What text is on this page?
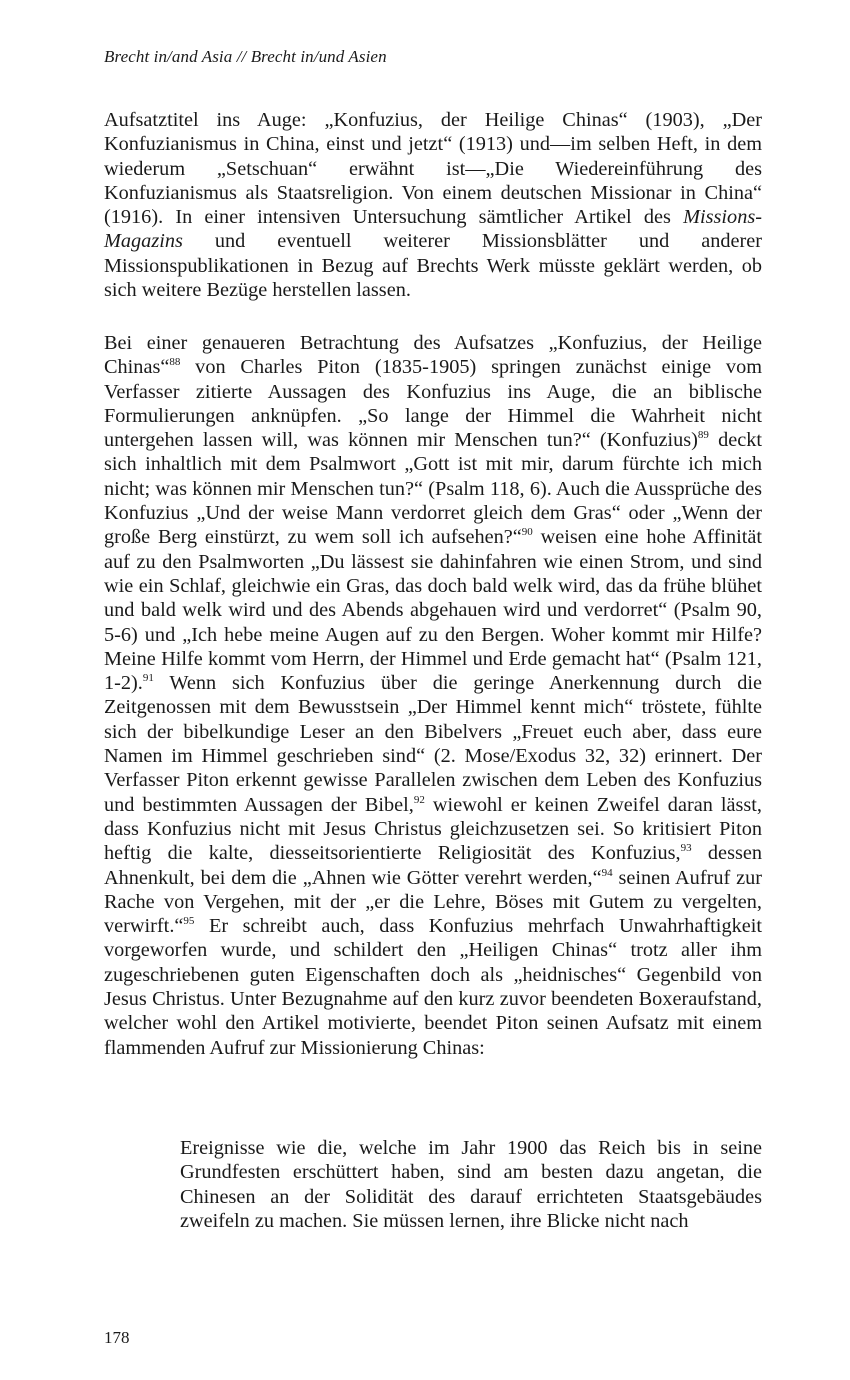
Brecht in/and Asia // Brecht in/und Asien

Aufsatztitel ins Auge: „Konfuzius, der Heilige Chinas“ (1903), „Der Konfuzianismus in China, einst und jetzt“ (1913) und—im selben Heft, in dem wiederum „Setschuan“ erwähnt ist—„Die Wiedereinführung des Konfuzianismus als Staatsreligion. Von einem deutschen Missionar in China“ (1916). In einer intensiven Untersuchung sämtlicher Artikel des Missions-Magazins und eventuell weiterer Missionsblätter und anderer Missionspublikationen in Bezug auf Brechts Werk müsste geklärt werden, ob sich weitere Bezüge herstellen lassen.

Bei einer genaueren Betrachtung des Aufsatzes „Konfuzius, der Heilige Chinas“$^{88}$ von Charles Piton (1835-1905) springen zunächst einige vom Verfasser zitierte Aussagen des Konfuzius ins Auge, die an biblische Formulierungen anknüpfen. „So lange der Himmel die Wahrheit nicht untergehen lassen will, was können mir Menschen tun?“ (Konfuzius)$^{89}$ deckt sich inhaltlich mit dem Psalmwort „Gott ist mit mir, darum fürchte ich mich nicht; was können mir Menschen tun?“ (Psalm 118, 6). Auch die Aussprüche des Konfuzius „Und der weise Mann verdorret gleich dem Gras“ oder „Wenn der große Berg einstürzt, zu wem soll ich aufsehen?“$^{90}$ weisen eine hohe Affinität auf zu den Psalmworten „Du lässest sie dahinfahren wie einen Strom, und sind wie ein Schlaf, gleichwie ein Gras, das doch bald welk wird, das da frühe blühet und bald welk wird und des Abends abgehauen wird und verdorret“ (Psalm 90, 5-6) und „Ich hebe meine Augen auf zu den Bergen. Woher kommt mir Hilfe? Meine Hilfe kommt vom Herrn, der Himmel und Erde gemacht hat“ (Psalm 121, 1-2).$^{91}$ Wenn sich Konfuzius über die geringe Anerkennung durch die Zeitgenossen mit dem Bewusstsein „Der Himmel kennt mich“ tröstete, fühlte sich der bibelkundige Leser an den Bibelvers „Freuet euch aber, dass eure Namen im Himmel geschrieben sind“ (2. Mose/Exodus 32, 32) erinnert. Der Verfasser Piton erkennt gewisse Parallelen zwischen dem Leben des Konfuzius und bestimmten Aussagen der Bibel,$^{92}$ wiewohl er keinen Zweifel daran lässt, dass Konfuzius nicht mit Jesus Christus gleichzusetzen sei. So kritisiert Piton heftig die kalte, diesseitsorientierte Religiosität des Konfuzius,$^{93}$ dessen Ahnenkult, bei dem die „Ahnen wie Götter verehrt werden,“$^{94}$ seinen Aufruf zur Rache von Vergehen, mit der „er die Lehre, Böses mit Gutem zu vergelten, verwirft.“$^{95}$ Er schreibt auch, dass Konfuzius mehrfach Unwahrhaftigkeit vorgeworfen wurde, und schildert den „Heiligen Chinas“ trotz aller ihm zugeschriebenen guten Eigenschaften doch als „heidnisches“ Gegenbild von Jesus Christus. Unter Bezugnahme auf den kurz zuvor beendeten Boxeraufstand, welcher wohl den Artikel motivierte, beendet Piton seinen Aufsatz mit einem flammenden Aufruf zur Missionierung Chinas:

Ereignisse wie die, welche im Jahr 1900 das Reich bis in seine Grundfesten erschüttert haben, sind am besten dazu angetan, die Chinesen an der Solidität des darauf errichteten Staatsgebäudes zweifeln zu machen. Sie müssen lernen, ihre Blicke nicht nach

178
